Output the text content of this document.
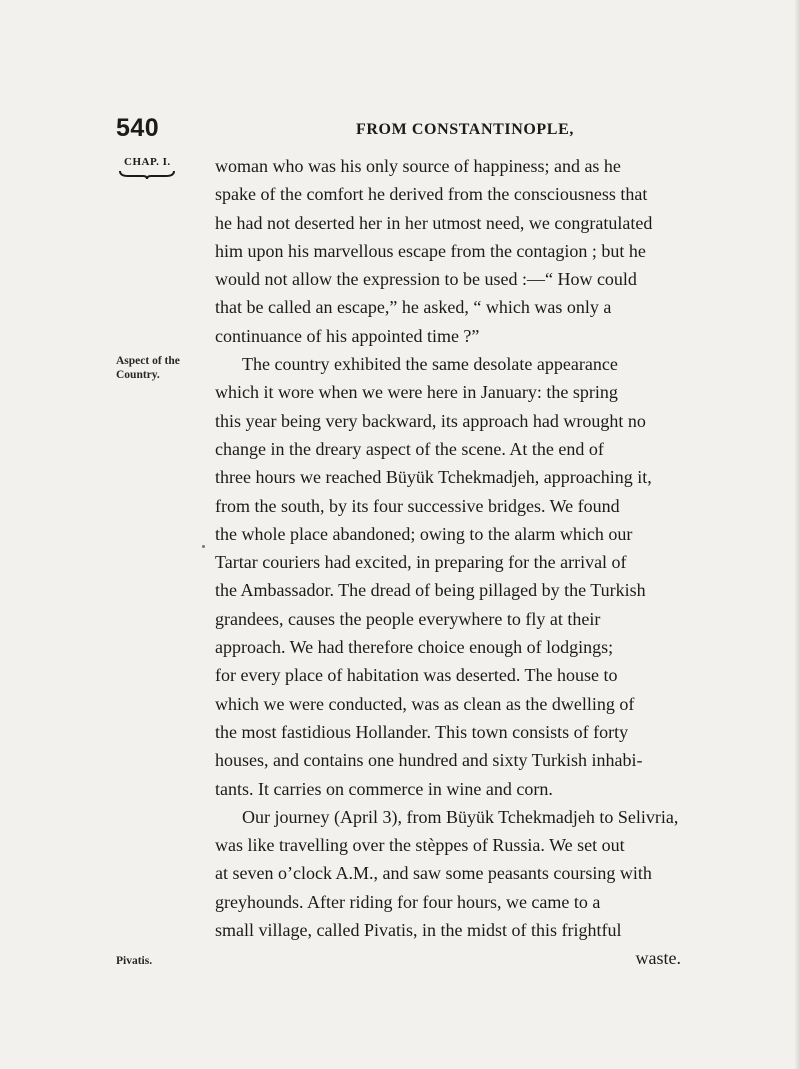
540	FROM CONSTANTINOPLE,
CHAP. I.
Aspect of the Country.
Pivatis.
woman who was his only source of happiness; and as he
spake of the comfort he derived from the consciousness that
he had not deserted her in her utmost need, we congratulated
him upon his marvellous escape from the contagion ; but he
would not allow the expression to be used :—“ How could
that be called an escape,” he asked, “ which was only a
continuance of his appointed time ?”
The country exhibited the same desolate appearance
which it wore when we were here in January: the spring
this year being very backward, its approach had wrought no
change in the dreary aspect of the scene. At the end of
three hours we reached Büyük Tchekmadjeh, approaching it,
from the south, by its four successive bridges. We found
the whole place abandoned; owing to the alarm which our
Tartar couriers had excited, in preparing for the arrival of
the Ambassador. The dread of being pillaged by the Turkish
grandees, causes the people everywhere to fly at their
approach. We had therefore choice enough of lodgings;
for every place of habitation was deserted. The house to
which we were conducted, was as clean as the dwelling of
the most fastidious Hollander. This town consists of forty
houses, and contains one hundred and sixty Turkish inhabi-
tants. It carries on commerce in wine and corn.
Our journey (April 3), from Büyük Tchekmadjeh to Selivria,
was like travelling over the stèppes of Russia. We set out
at seven o’clock A.M., and saw some peasants coursing with
greyhounds. After riding for four hours, we came to a
small village, called Pivatis, in the midst of this frightful
waste.
